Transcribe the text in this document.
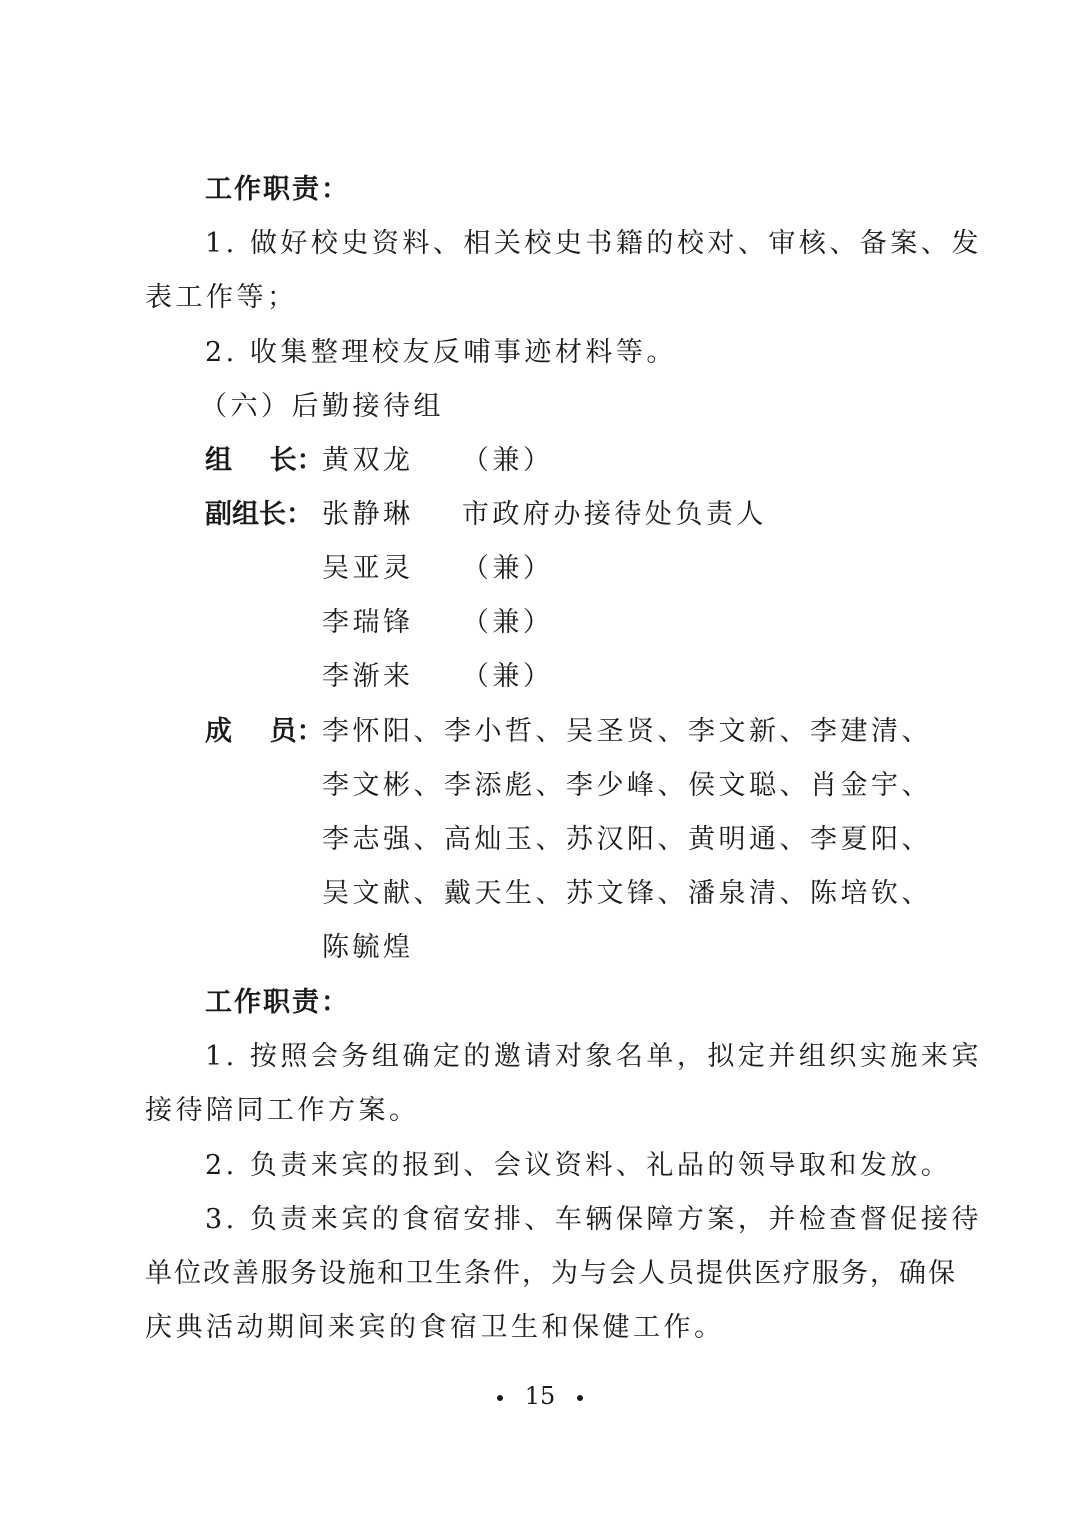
工作职责：
1. 做好校史资料、相关校史书籍的校对、审核、备案、发
表工作等；
2. 收集整理校友反哺事迹材料等。
（六）后勤接待组
组    长：
黄双龙    （兼）
副组长： 张静琳    市政府办接待处负责人
吴亚灵    （兼）
李瑞锋    （兼）
李渐来    （兼）
成    员：
李怀阳、李小哲、吴圣贤、李文新、李建清、
李文彬、李添彪、李少峰、侯文聪、肖金宇、
李志强、高灿玉、苏汉阳、黄明通、李夏阳、
吴文献、戴天生、苏文锋、潘泉清、陈培钦、
陈毓煌
工作职责：
1. 按照会务组确定的邀请对象名单，拟定并组织实施来宾
接待陪同工作方案。
2. 负责来宾的报到、会议资料、礼品的领导取和发放。
3. 负责来宾的食宿安排、车辆保障方案，并检查督促接待
单位改善服务设施和卫生条件，为与会人员提供医疗服务，确保
庆典活动期间来宾的食宿卫生和保健工作。
15
